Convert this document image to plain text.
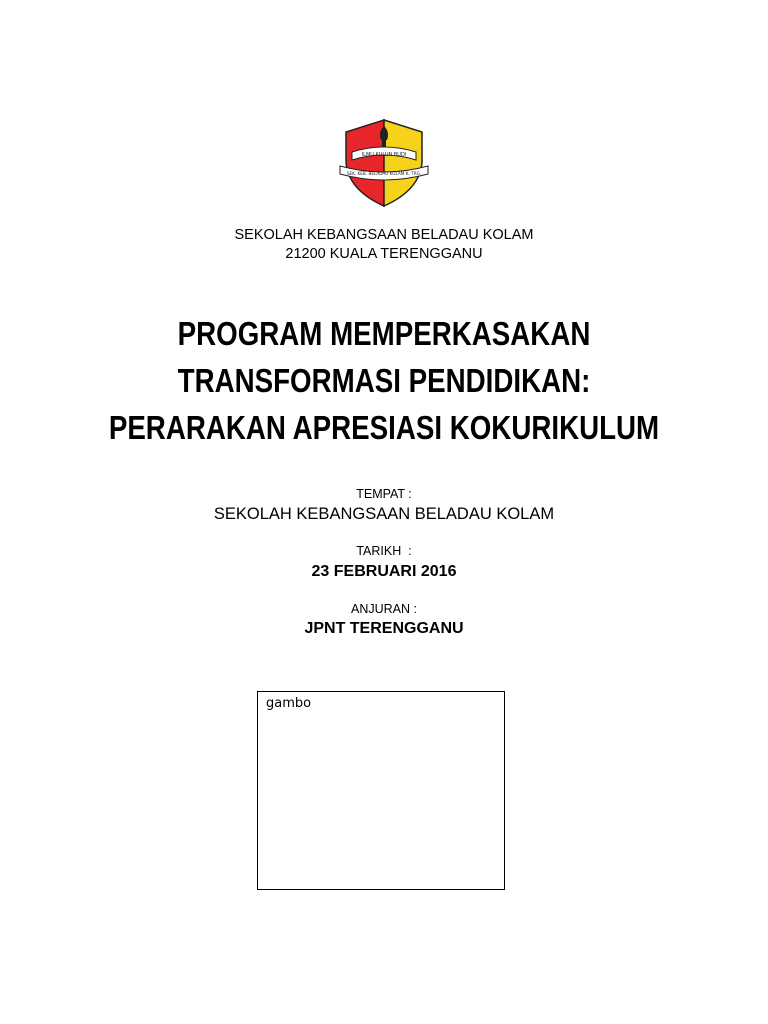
ILMU KULUN BUDI
SEK. KEB. BELADAU KOLAM K. TRG.
SEKOLAH KEBANGSAAN BELADAU KOLAM
21200 KUALA TERENGGANU
PROGRAM MEMPERKASAKAN
TRANSFORMASI PENDIDIKAN:
PERARAKAN APRESIASI KOKURIKULUM
TEMPAT :
SEKOLAH KEBANGSAAN BELADAU KOLAM
TARIKH  :
23 FEBRUARI 2016
ANJURAN :
JPNT TERENGGANU
gambo
